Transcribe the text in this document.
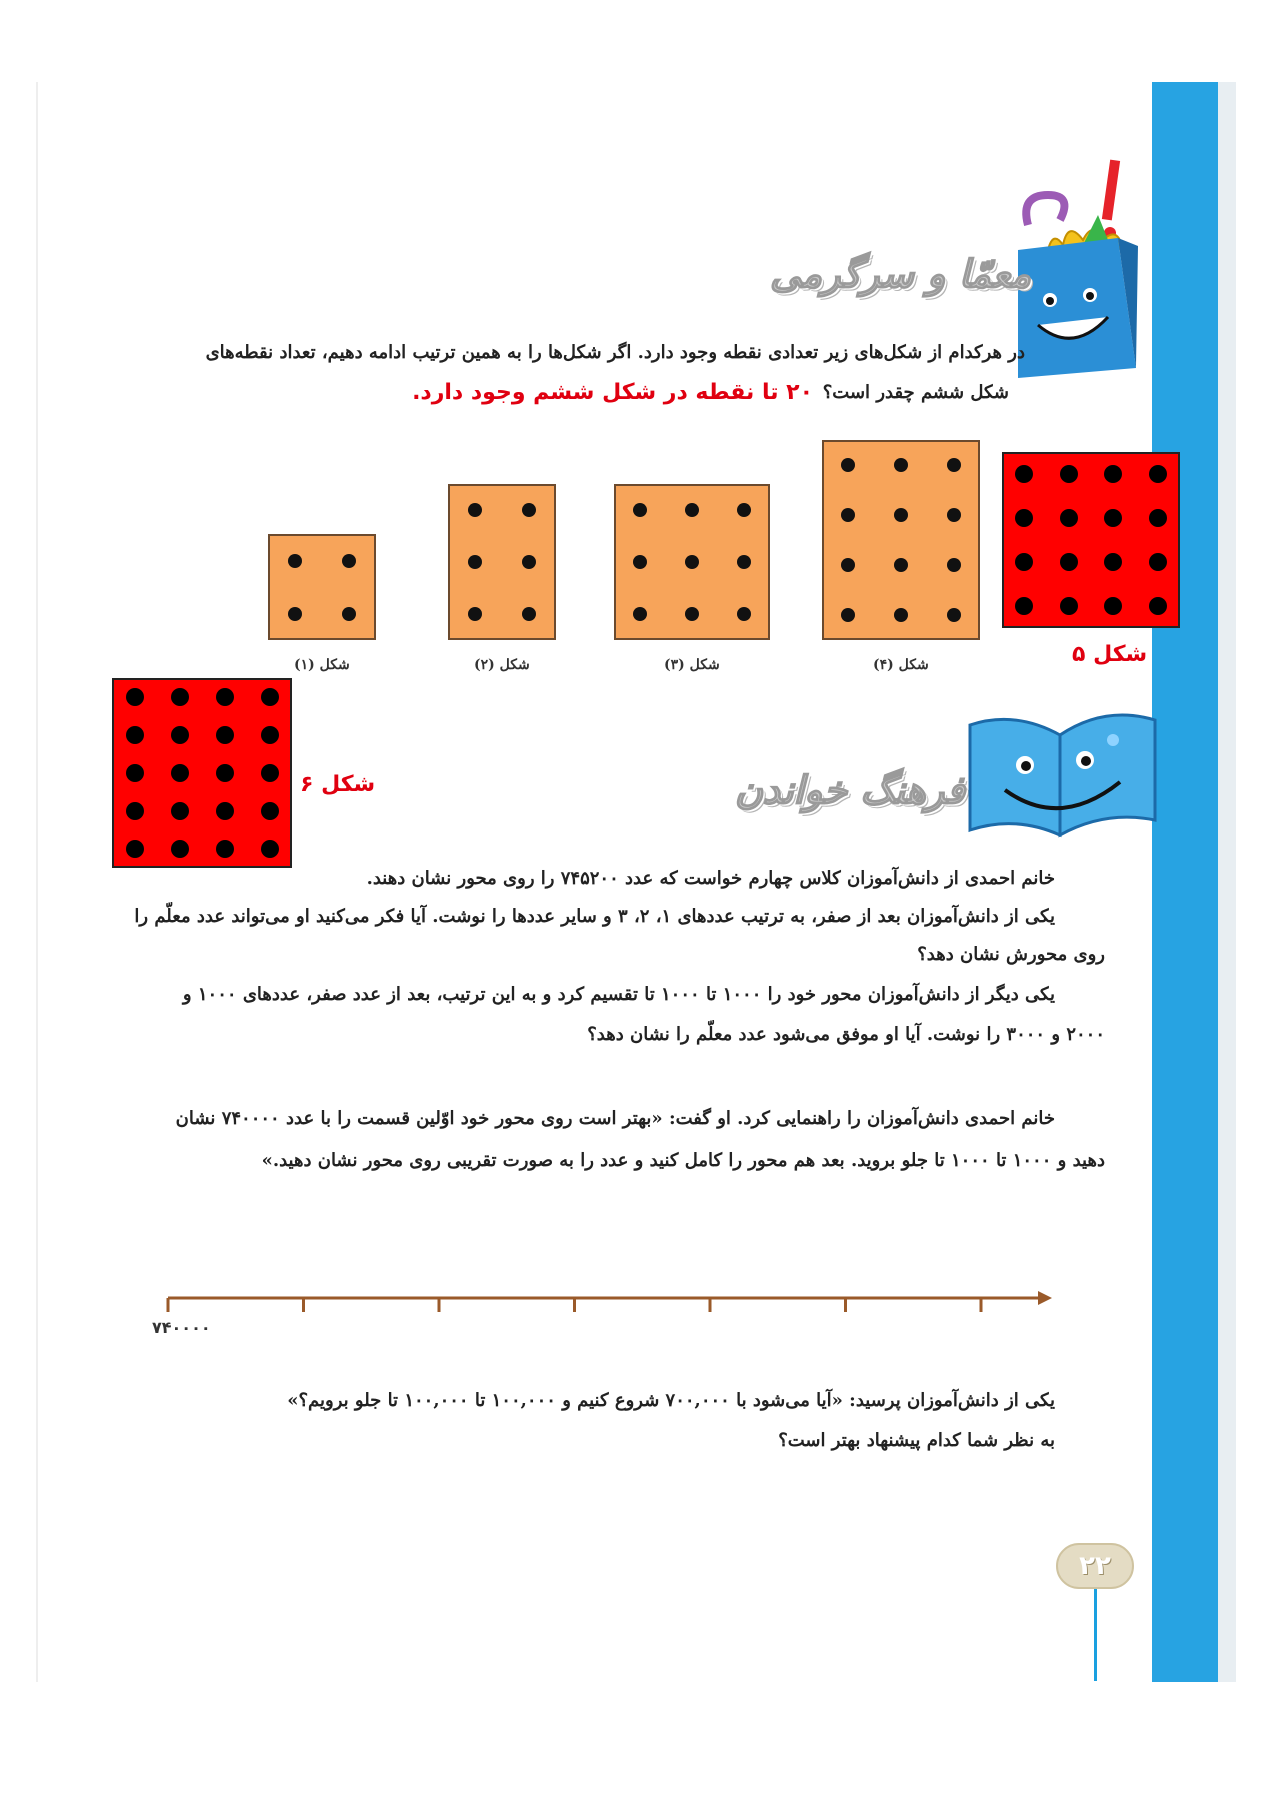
معمّا و سرگرمی
در هرکدام از شکل‌های زیر تعدادی نقطه وجود دارد. اگر شکل‌ها را به همین ترتیب ادامه دهیم، تعداد نقطه‌های
شکل ششم چقدر است؟
۲۰ تا نقطه در شکل ششم وجود دارد.
شکل (۱)	شکل (۲)	شکل (۳)	شکل (۴)	شکل ۵
شکل ۶	فرهنگ خواندن
خانم احمدی از دانش‌آموزان کلاس چهارم خواست که عدد ۷۴۵۲۰۰ را روی محور نشان دهند.
یکی از دانش‌آموزان بعد از صفر، به ترتیب عددهای ۱، ۲، ۳ و سایر عددها را نوشت. آیا فکر می‌کنید او می‌تواند عدد معلّم را
روی محورش نشان دهد؟
یکی دیگر از دانش‌آموزان محور خود را ۱۰۰۰ تا ۱۰۰۰ تا تقسیم کرد و به این ترتیب، بعد از عدد صفر، عددهای ۱۰۰۰ و
۲۰۰۰ و ۳۰۰۰ را نوشت. آیا او موفق می‌شود عدد معلّم را نشان دهد؟
خانم احمدی دانش‌آموزان را راهنمایی کرد. او گفت: «بهتر است روی محور خود اوّلین قسمت را با عدد ۷۴۰۰۰۰ نشان
دهید و ۱۰۰۰ تا ۱۰۰۰ تا جلو بروید. بعد هم محور را کامل کنید و عدد را به صورت تقریبی روی محور نشان دهید.»
۷۴۰۰۰۰
یکی از دانش‌آموزان پرسید: «آیا می‌شود با ۷۰۰,۰۰۰ شروع کنیم و ۱۰۰,۰۰۰ تا ۱۰۰,۰۰۰ تا جلو برویم؟»
به نظر شما کدام پیشنهاد بهتر است؟
۲۲
